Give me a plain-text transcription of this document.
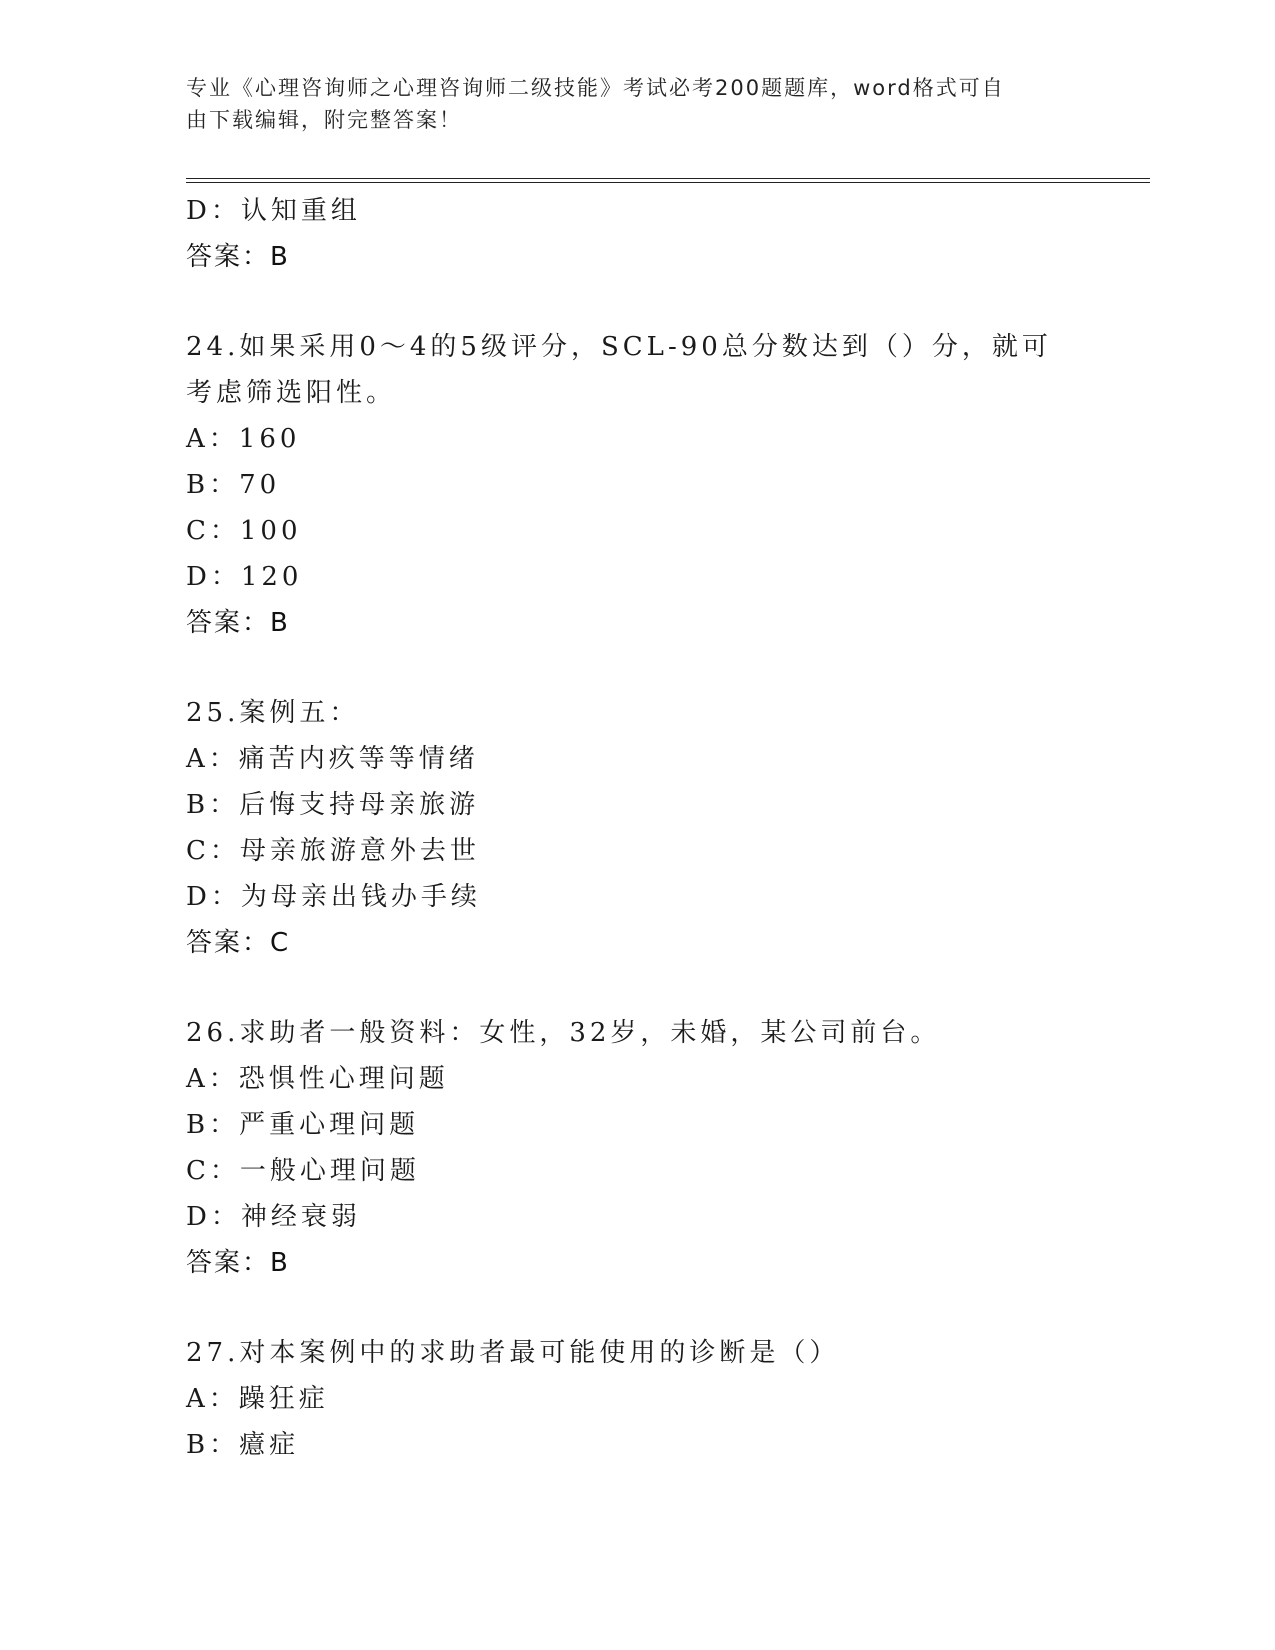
专业《心理咨询师之心理咨询师二级技能》考试必考200题题库，word格式可自
由下载编辑，附完整答案！
D：认知重组
答案：B
24.如果采用0～4的5级评分，SCL-90总分数达到（）分，就可考虑筛选阳性。
A：160
B：70
C：100
D：120
答案：B
25.案例五：
A：痛苦内疚等等情绪
B：后悔支持母亲旅游
C：母亲旅游意外去世
D：为母亲出钱办手续
答案：C
26.求助者一般资料：女性，32岁，未婚，某公司前台。
A：恐惧性心理问题
B：严重心理问题
C：一般心理问题
D：神经衰弱
答案：B
27.对本案例中的求助者最可能使用的诊断是（）
A：躁狂症
B：癔症
